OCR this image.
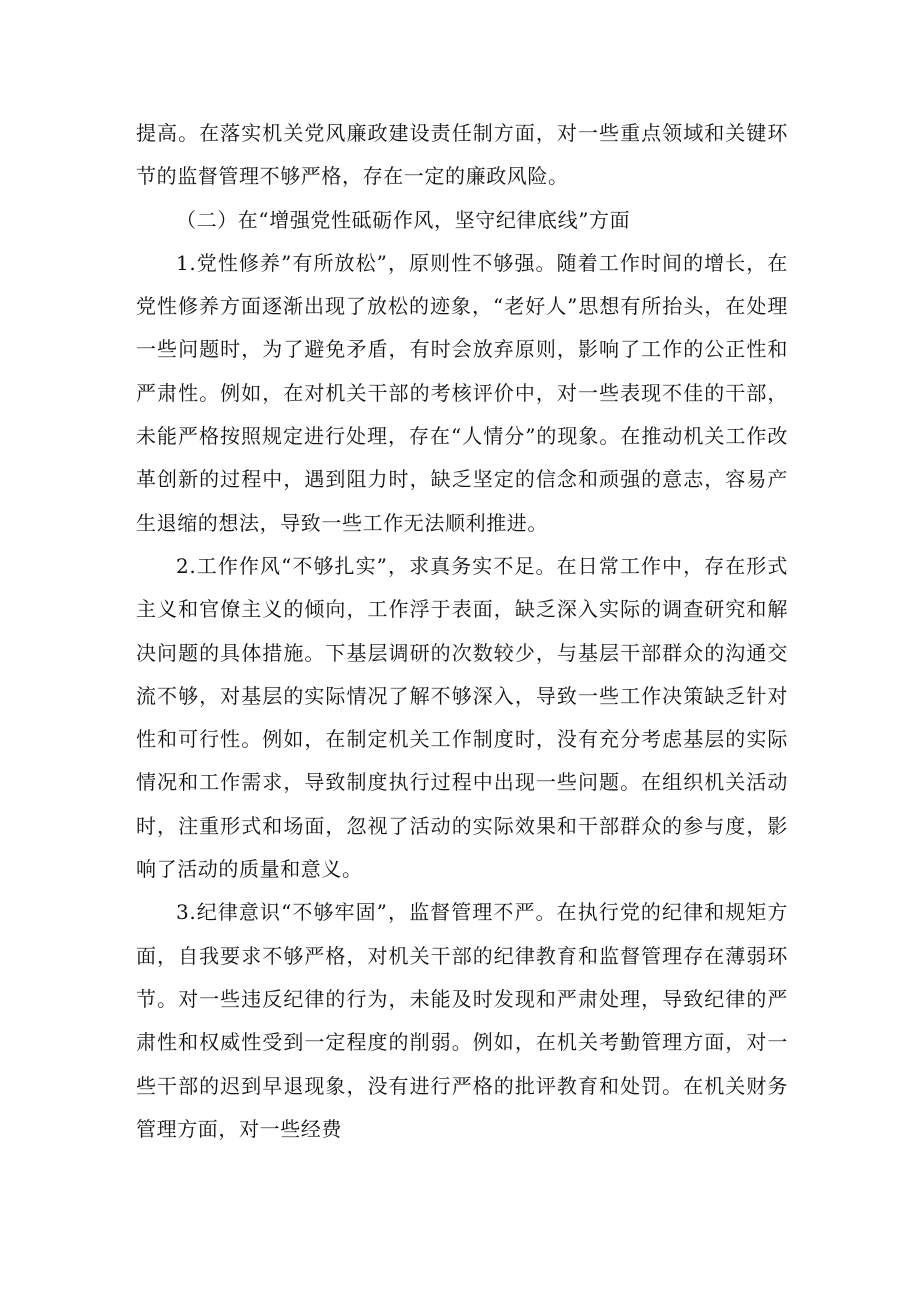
提高。在落实机关党风廉政建设责任制方面，对一些重点领域和关键环节的监督管理不够严格，存在一定的廉政风险。

（二）在“增强党性砥砺作风，坚守纪律底线”方面

1.党性修养”有所放松”，原则性不够强。随着工作时间的增长，在党性修养方面逐渐出现了放松的迹象，“老好人”思想有所抬头，在处理一些问题时，为了避免矛盾，有时会放弃原则，影响了工作的公正性和严肃性。例如，在对机关干部的考核评价中，对一些表现不佳的干部，未能严格按照规定进行处理，存在“人情分”的现象。在推动机关工作改革创新的过程中，遇到阻力时，缺乏坚定的信念和顽强的意志，容易产生退缩的想法，导致一些工作无法顺利推进。

2.工作作风“不够扎实”，求真务实不足。在日常工作中，存在形式主义和官僚主义的倾向，工作浮于表面，缺乏深入实际的调查研究和解决问题的具体措施。下基层调研的次数较少，与基层干部群众的沟通交流不够，对基层的实际情况了解不够深入，导致一些工作决策缺乏针对性和可行性。例如，在制定机关工作制度时，没有充分考虑基层的实际情况和工作需求，导致制度执行过程中出现一些问题。在组织机关活动时，注重形式和场面，忽视了活动的实际效果和干部群众的参与度，影响了活动的质量和意义。

3.纪律意识“不够牢固”，监督管理不严。在执行党的纪律和规矩方面，自我要求不够严格，对机关干部的纪律教育和监督管理存在薄弱环节。对一些违反纪律的行为，未能及时发现和严肃处理，导致纪律的严肃性和权威性受到一定程度的削弱。例如，在机关考勤管理方面，对一些干部的迟到早退现象，没有进行严格的批评教育和处罚。在机关财务管理方面，对一些经费
